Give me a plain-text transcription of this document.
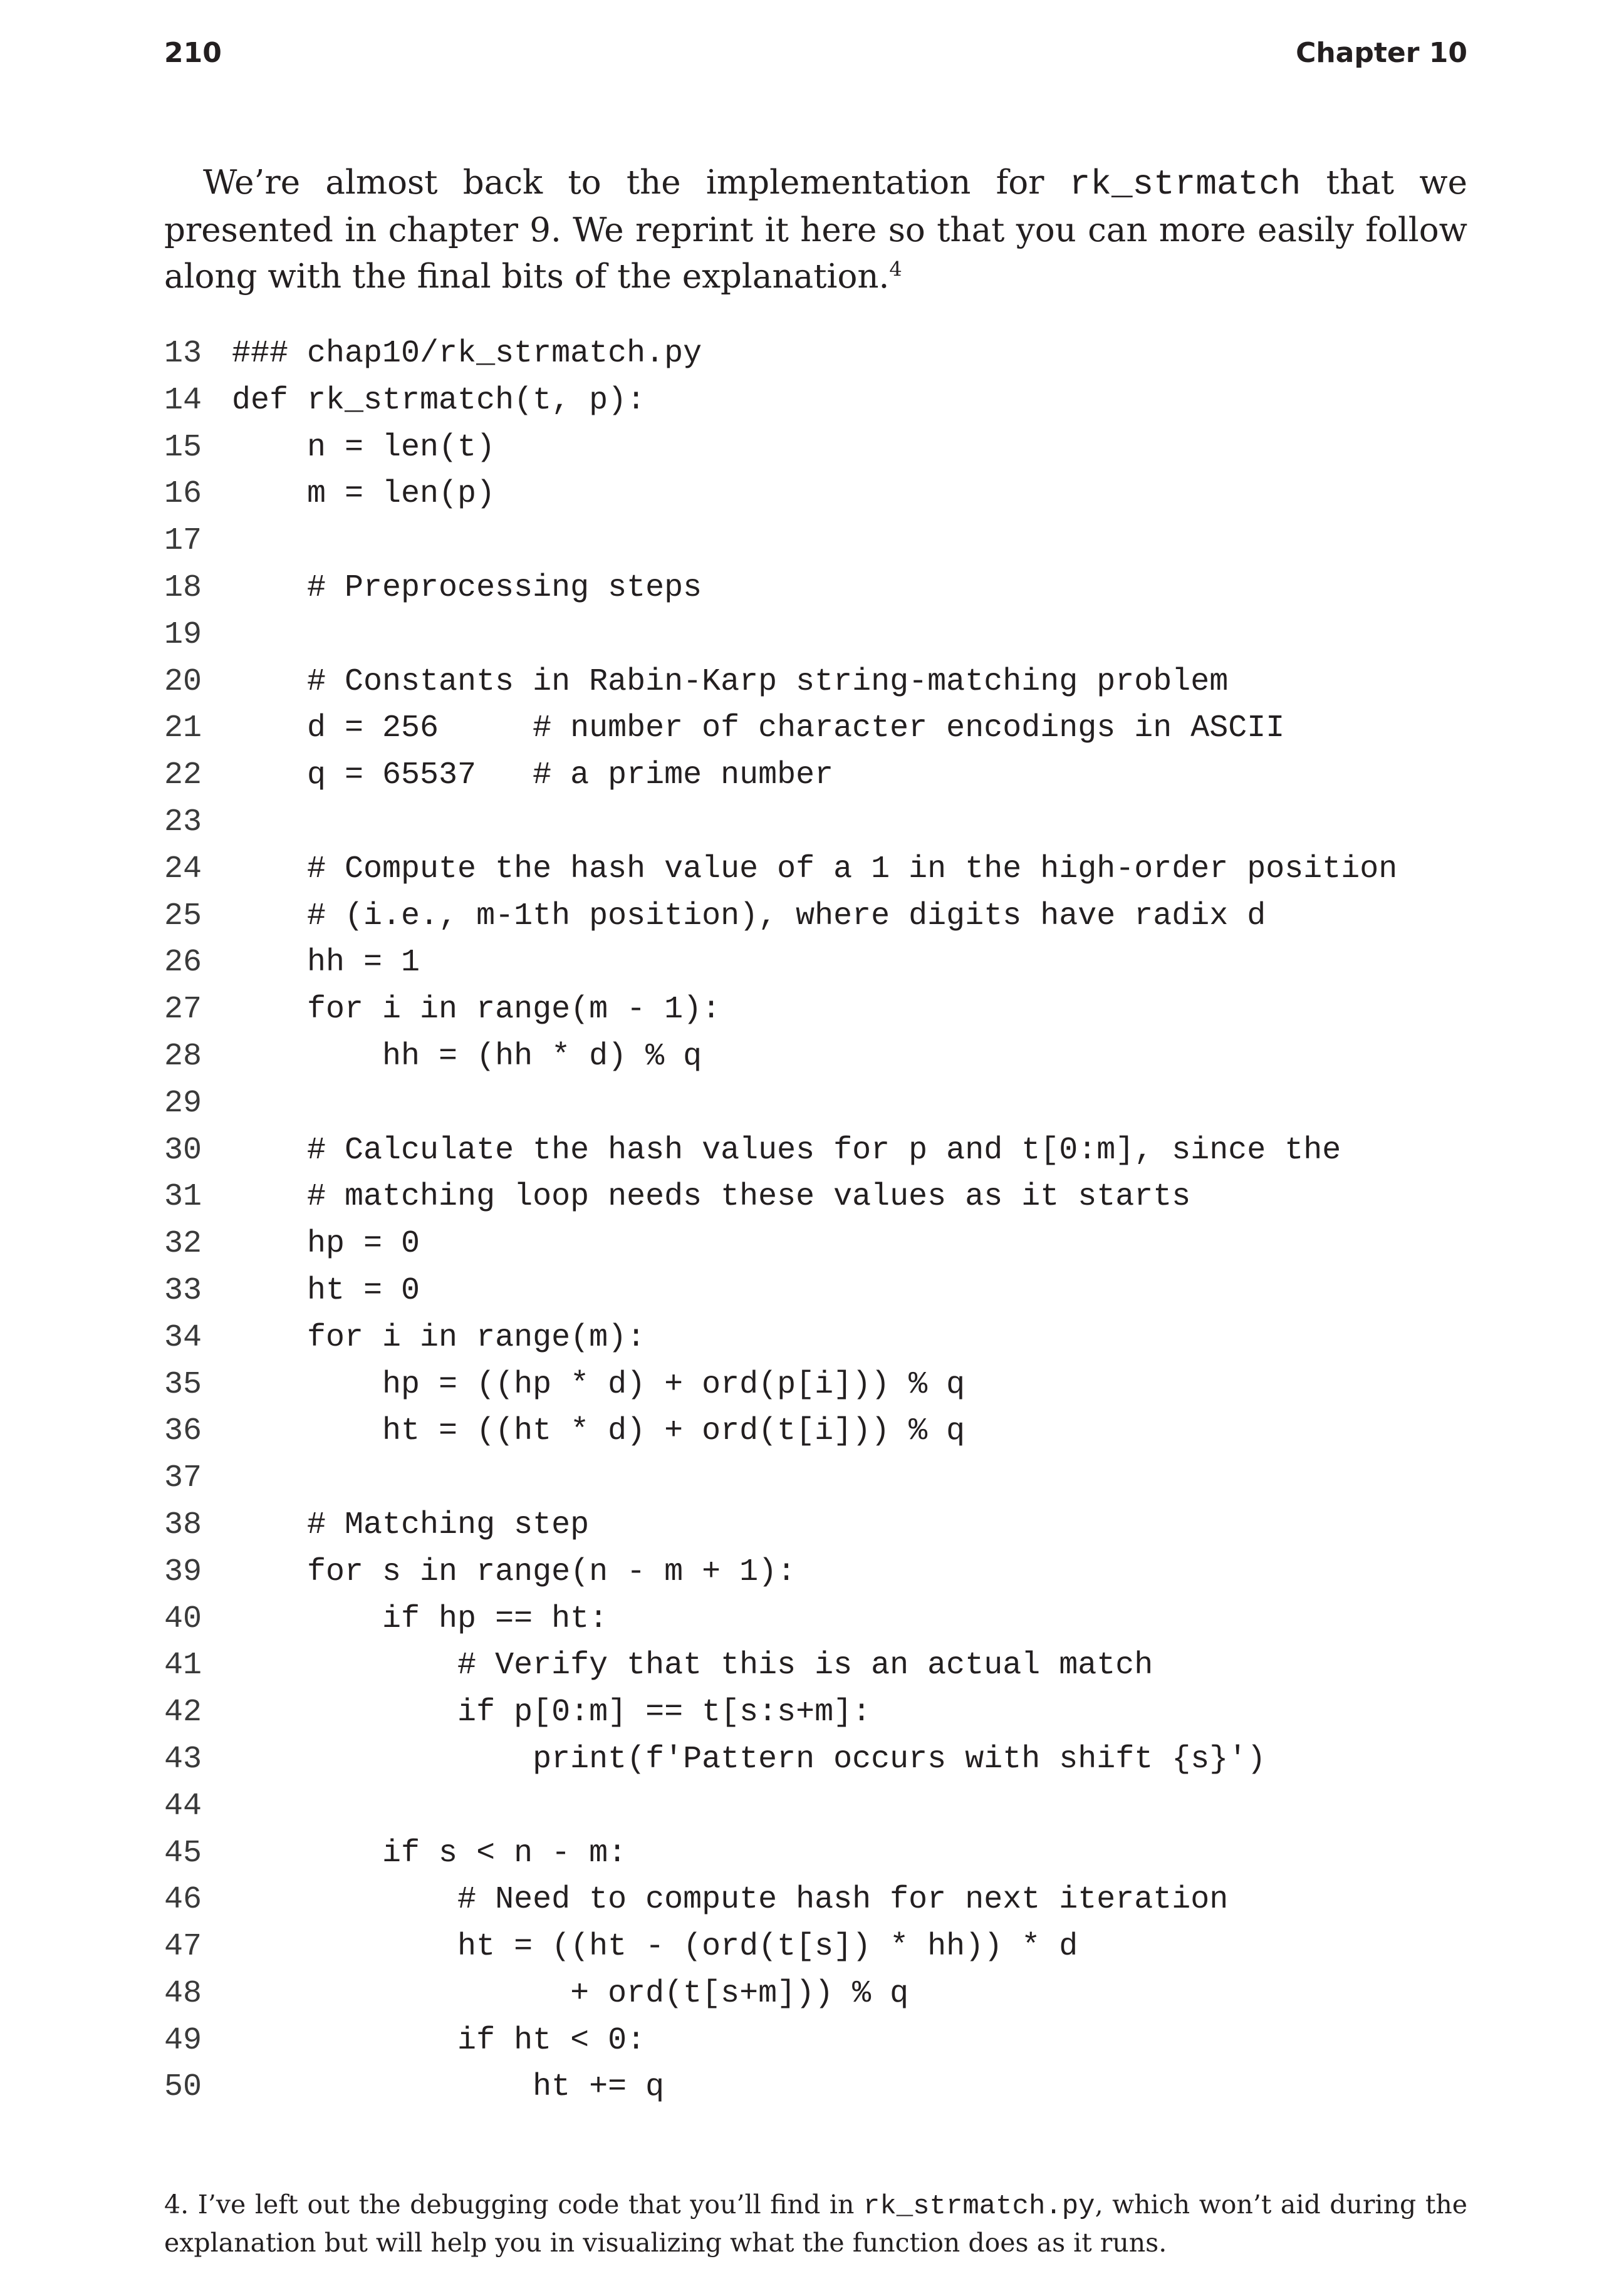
210	Chapter 10

We’re almost back to the implementation for rk_strmatch that we presented in chapter 9. We reprint it here so that you can more easily follow along with the final bits of the explanation.$^4$

13 ### chap10/rk_strmatch.py
14 def rk_strmatch(t, p):
15 n = len(t)
16 m = len(p)
17
18 # Preprocessing steps
19
20 # Constants in Rabin-Karp string-matching problem
21 d = 256     # number of character encodings in ASCII
22 q = 65537   # a prime number
23
24 # Compute the hash value of a 1 in the high-order position
25 # (i.e., m-1th position), where digits have radix d
26 hh = 1
27 for i in range(m - 1):
28 hh = (hh * d) % q
29
30 # Calculate the hash values for p and t[0:m], since the
31 # matching loop needs these values as it starts
32 hp = 0
33 ht = 0
34 for i in range(m):
35 hp = ((hp * d) + ord(p[i])) % q
36 ht = ((ht * d) + ord(t[i])) % q
37
38 # Matching step
39 for s in range(n - m + 1):
40 if hp == ht:
41 # Verify that this is an actual match
42 if p[0:m] == t[s:s+m]:
43 print(f'Pattern occurs with shift {s}')
44
45 if s < n - m:
46 # Need to compute hash for next iteration
47 ht = ((ht - (ord(t[s]) * hh)) * d
48 + ord(t[s+m])) % q
49 if ht < 0:
50 ht += q

4. I’ve left out the debugging code that you’ll find in rk_strmatch.py, which won’t aid during the explanation but will help you in visualizing what the function does as it runs.
